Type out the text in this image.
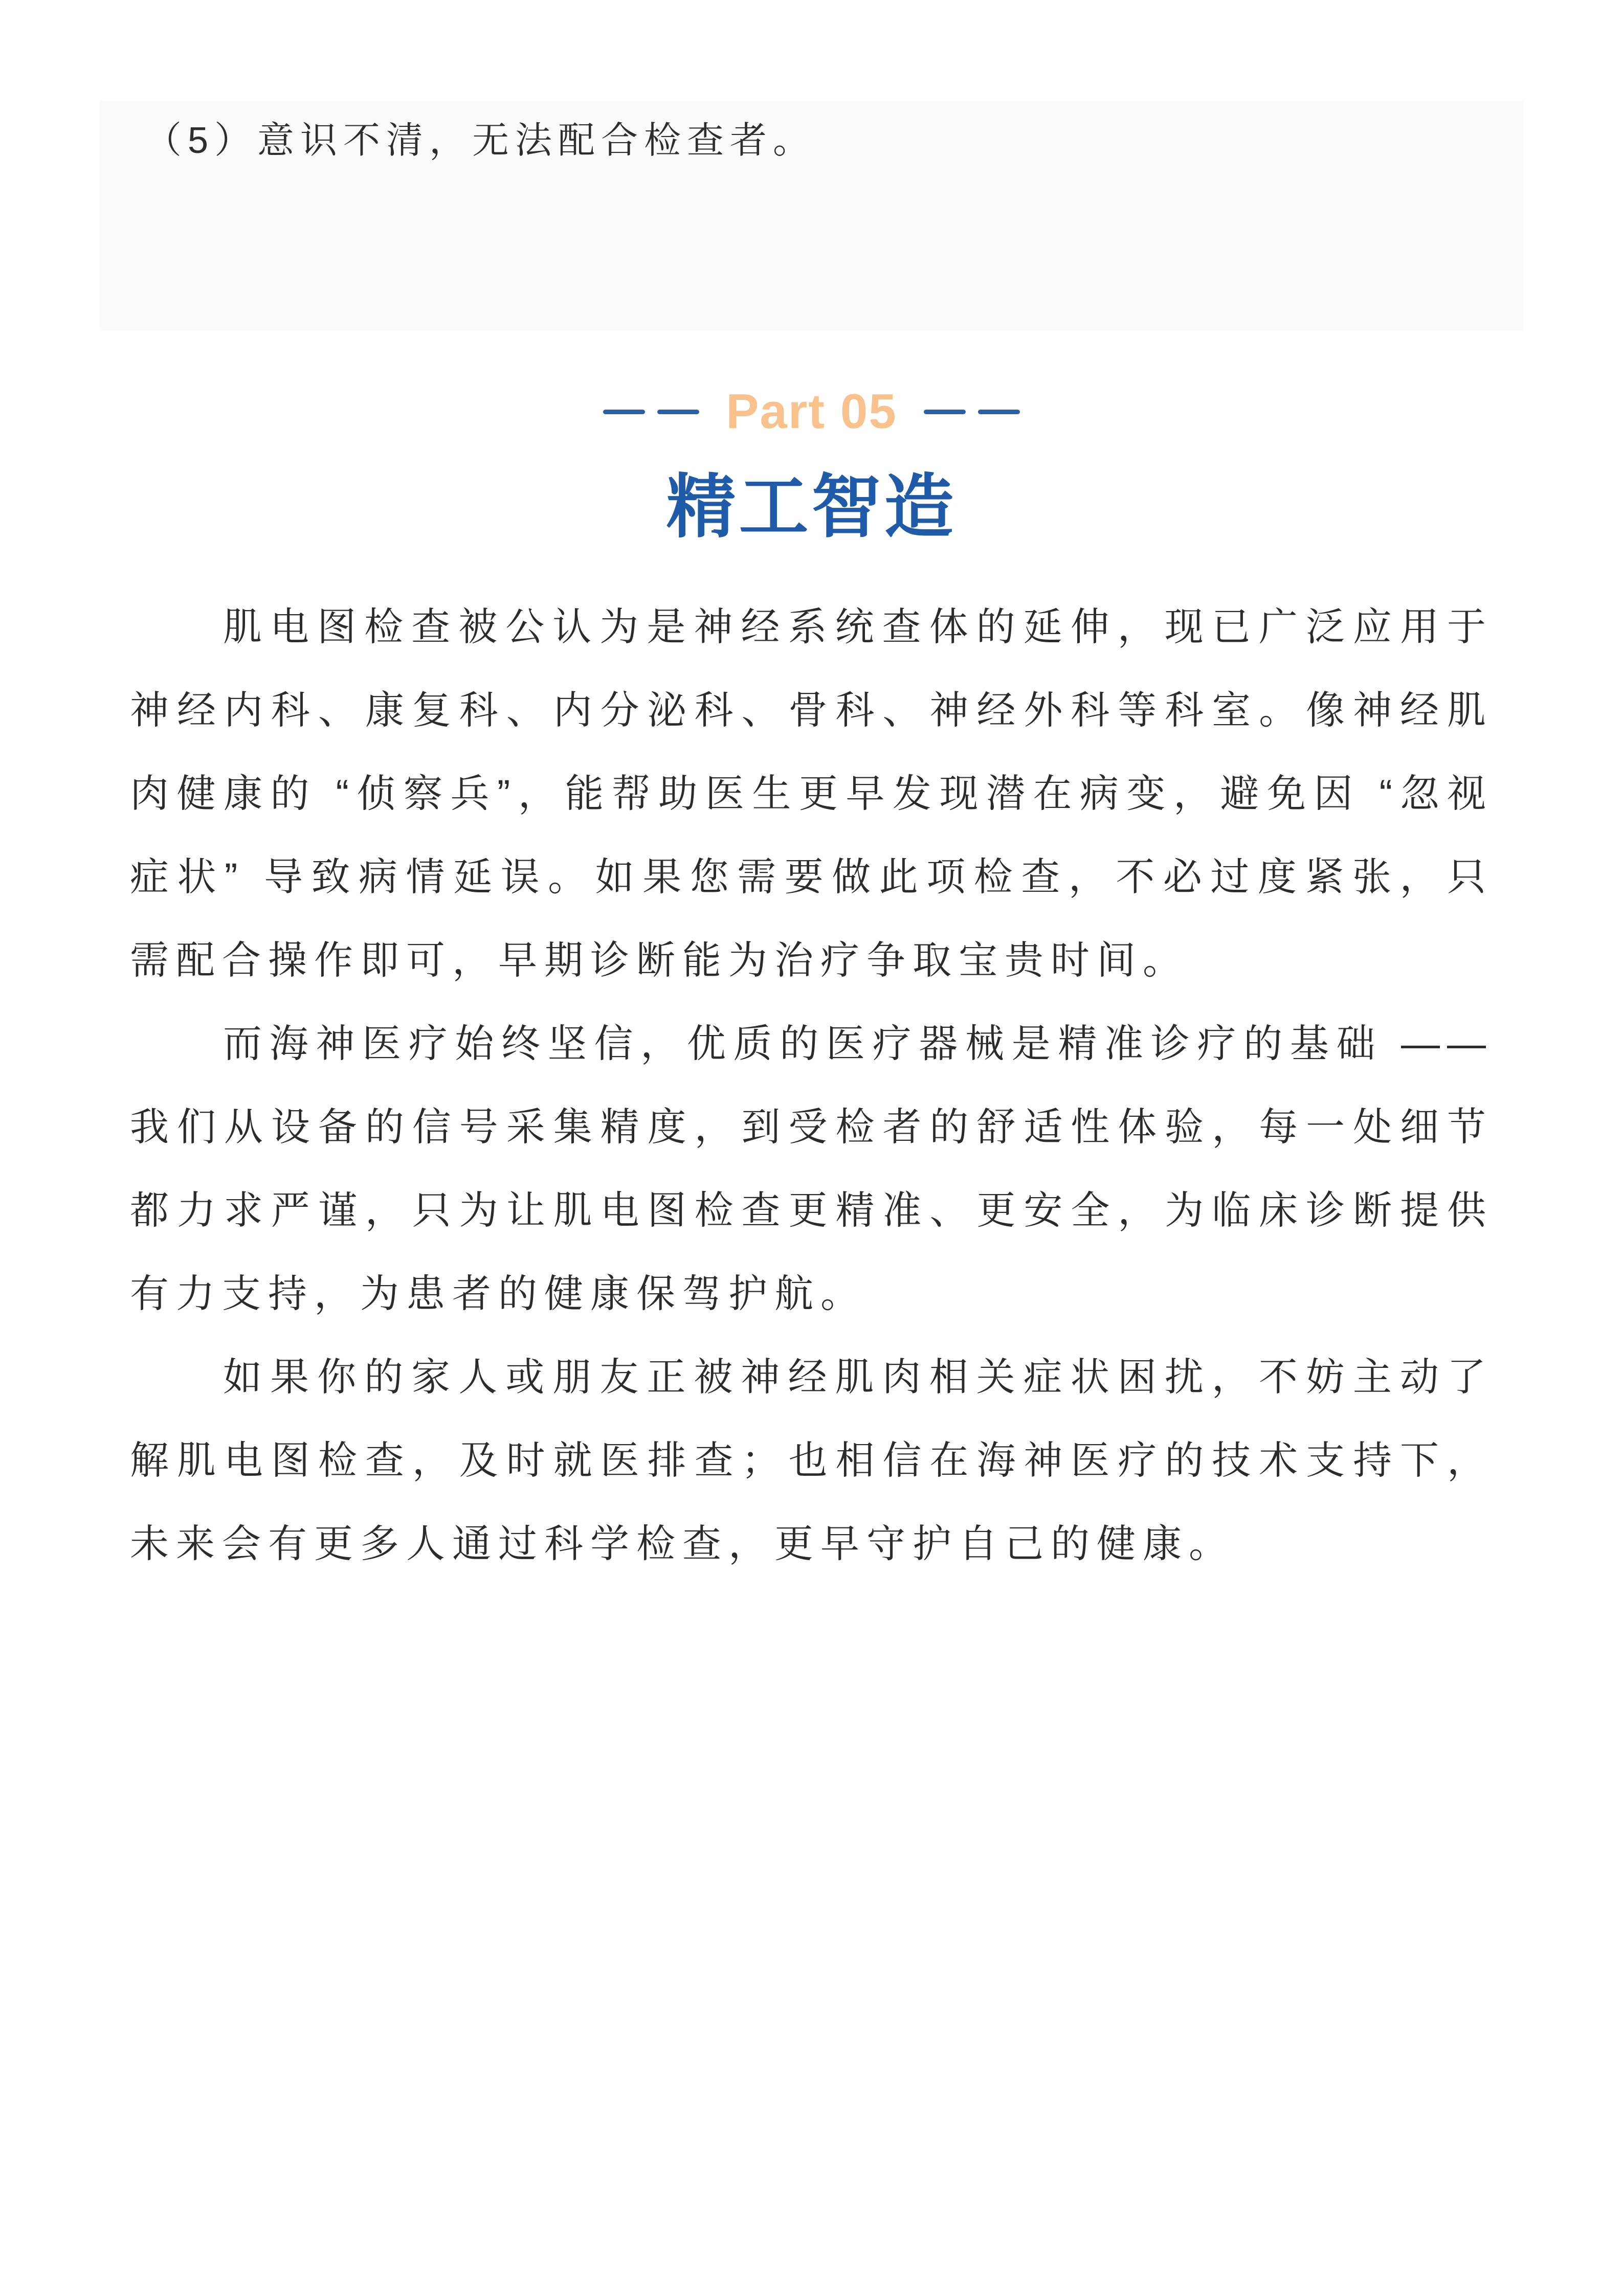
（5）意识不清，无法配合检查者。

Part 05
精工智造

肌电图检查被公认为是神经系统查体的延伸，现已广泛应用于神经内科、康复科、内分泌科、骨科、神经外科等科室。像神经肌肉健康的 “侦察兵”，能帮助医生更早发现潜在病变，避免因 “忽视症状” 导致病情延误。如果您需要做此项检查，不必过度紧张，只需配合操作即可，早期诊断能为治疗争取宝贵时间。

而海神医疗始终坚信，优质的医疗器械是精准诊疗的基础 ——我们从设备的信号采集精度，到受检者的舒适性体验，每一处细节都力求严谨，只为让肌电图检查更精准、更安全，为临床诊断提供有力支持，为患者的健康保驾护航。

如果你的家人或朋友正被神经肌肉相关症状困扰，不妨主动了解肌电图检查，及时就医排查；也相信在海神医疗的技术支持下，未来会有更多人通过科学检查，更早守护自己的健康。
